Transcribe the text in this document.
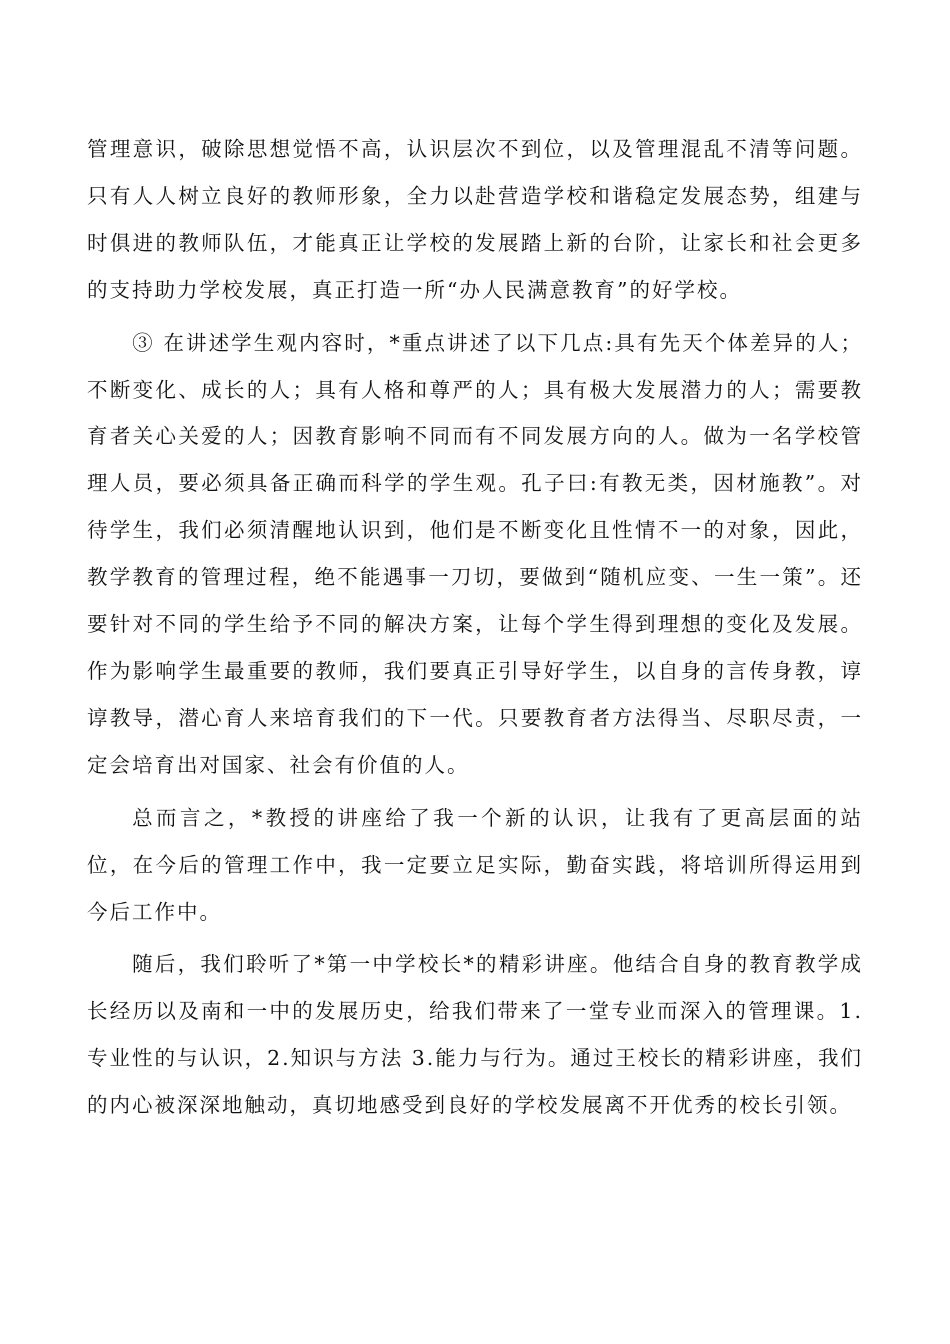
管理意识，破除思想觉悟不高，认识层次不到位，以及管理混乱不清等问题。只有人人树立良好的教师形象，全力以赴营造学校和谐稳定发展态势，组建与时俱进的教师队伍，才能真正让学校的发展踏上新的台阶，让家长和社会更多的支持助力学校发展，真正打造一所“办人民满意教育”的好学校。

③ 在讲述学生观内容时，*重点讲述了以下几点:具有先天个体差异的人；不断变化、成长的人；具有人格和尊严的人；具有极大发展潜力的人；需要教育者关心关爱的人；因教育影响不同而有不同发展方向的人。做为一名学校管理人员，要必须具备正确而科学的学生观。孔子曰:有教无类，因材施教”。对待学生，我们必须清醒地认识到，他们是不断变化且性情不一的对象，因此，教学教育的管理过程，绝不能遇事一刀切，要做到“随机应变、一生一策”。还要针对不同的学生给予不同的解决方案，让每个学生得到理想的变化及发展。作为影响学生最重要的教师，我们要真正引导好学生，以自身的言传身教，谆谆教导，潜心育人来培育我们的下一代。只要教育者方法得当、尽职尽责，一定会培育出对国家、社会有价值的人。

总而言之，*教授的讲座给了我一个新的认识，让我有了更高层面的站位，在今后的管理工作中，我一定要立足实际，勤奋实践，将培训所得运用到今后工作中。

随后，我们聆听了*第一中学校长*的精彩讲座。他结合自身的教育教学成长经历以及南和一中的发展历史，给我们带来了一堂专业而深入的管理课。1.专业性的与认识，2.知识与方法 3.能力与行为。通过王校长的精彩讲座，我们的内心被深深地触动，真切地感受到良好的学校发展离不开优秀的校长引领。
